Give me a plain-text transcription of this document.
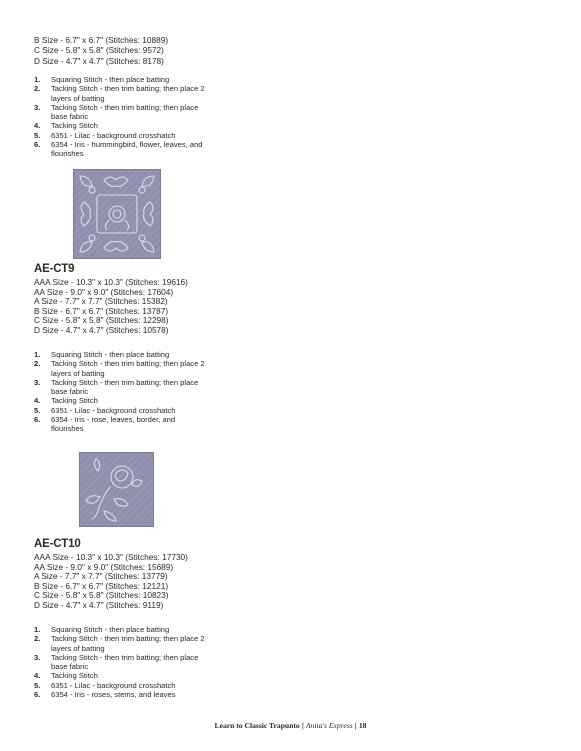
B Size - 6.7" x 6.7" (Stitches: 10889)
C Size - 5.8" x 5.8" (Stitches: 9572)
D Size - 4.7" x 4.7" (Stitches: 8178)
1.	Squaring Stitch - then place batting
2.	Tacking Stitch - then trim batting; then place 2 layers of batting
3.	Tacking Stitch - then trim batting; then place base fabric
4.	Tacking Stitch
5.	6351 - Lilac - background crosshatch
6.	6354 - Iris - hummingbird, flower, leaves, and flourishes
AE-CT9
AAA Size - 10.3" x 10.3" (Stitches: 19616)
AA Size - 9.0" x 9.0" (Stitches: 17604)
A Size - 7.7" x 7.7" (Stitches: 15382)
B Size - 6.7" x 6.7" (Stitches: 13787)
C Size - 5.8" x 5.8" (Stitches: 12298)
D Size - 4.7" x 4.7" (Stitches: 10578)
1.	Squaring Stitch - then place batting
2.	Tacking Stitch - then trim batting; then place 2 layers of batting
3.	Tacking Stitch - then trim batting; then place base fabric
4.	Tacking Stitch
5.	6351 - Lilac - background crosshatch
6.	6354 - Iris - rose, leaves, border, and flourishes
AE-CT10
AAA Size - 10.3" x 10.3" (Stitches: 17730)
AA Size - 9.0" x 9.0" (Stitches: 15689)
A Size - 7.7" x 7.7" (Stitches: 13779)
B Size - 6.7" x 6.7" (Stitches: 12121)
C Size - 5.8" x 5.8" (Stitches: 10823)
D Size - 4.7" x 4.7" (Stitches: 9119)
1.	Squaring Stitch - then place batting
2.	Tacking Stitch - then trim batting; then place 2 layers of batting
3.	Tacking Stitch - then trim batting; then place base fabric
4.	Tacking Stitch
5.	6351 - Lilac - background crosshatch
6.	6354 - Iris - roses, stems, and leaves
Learn to Classic Trapunto | Anita's Express | 18
